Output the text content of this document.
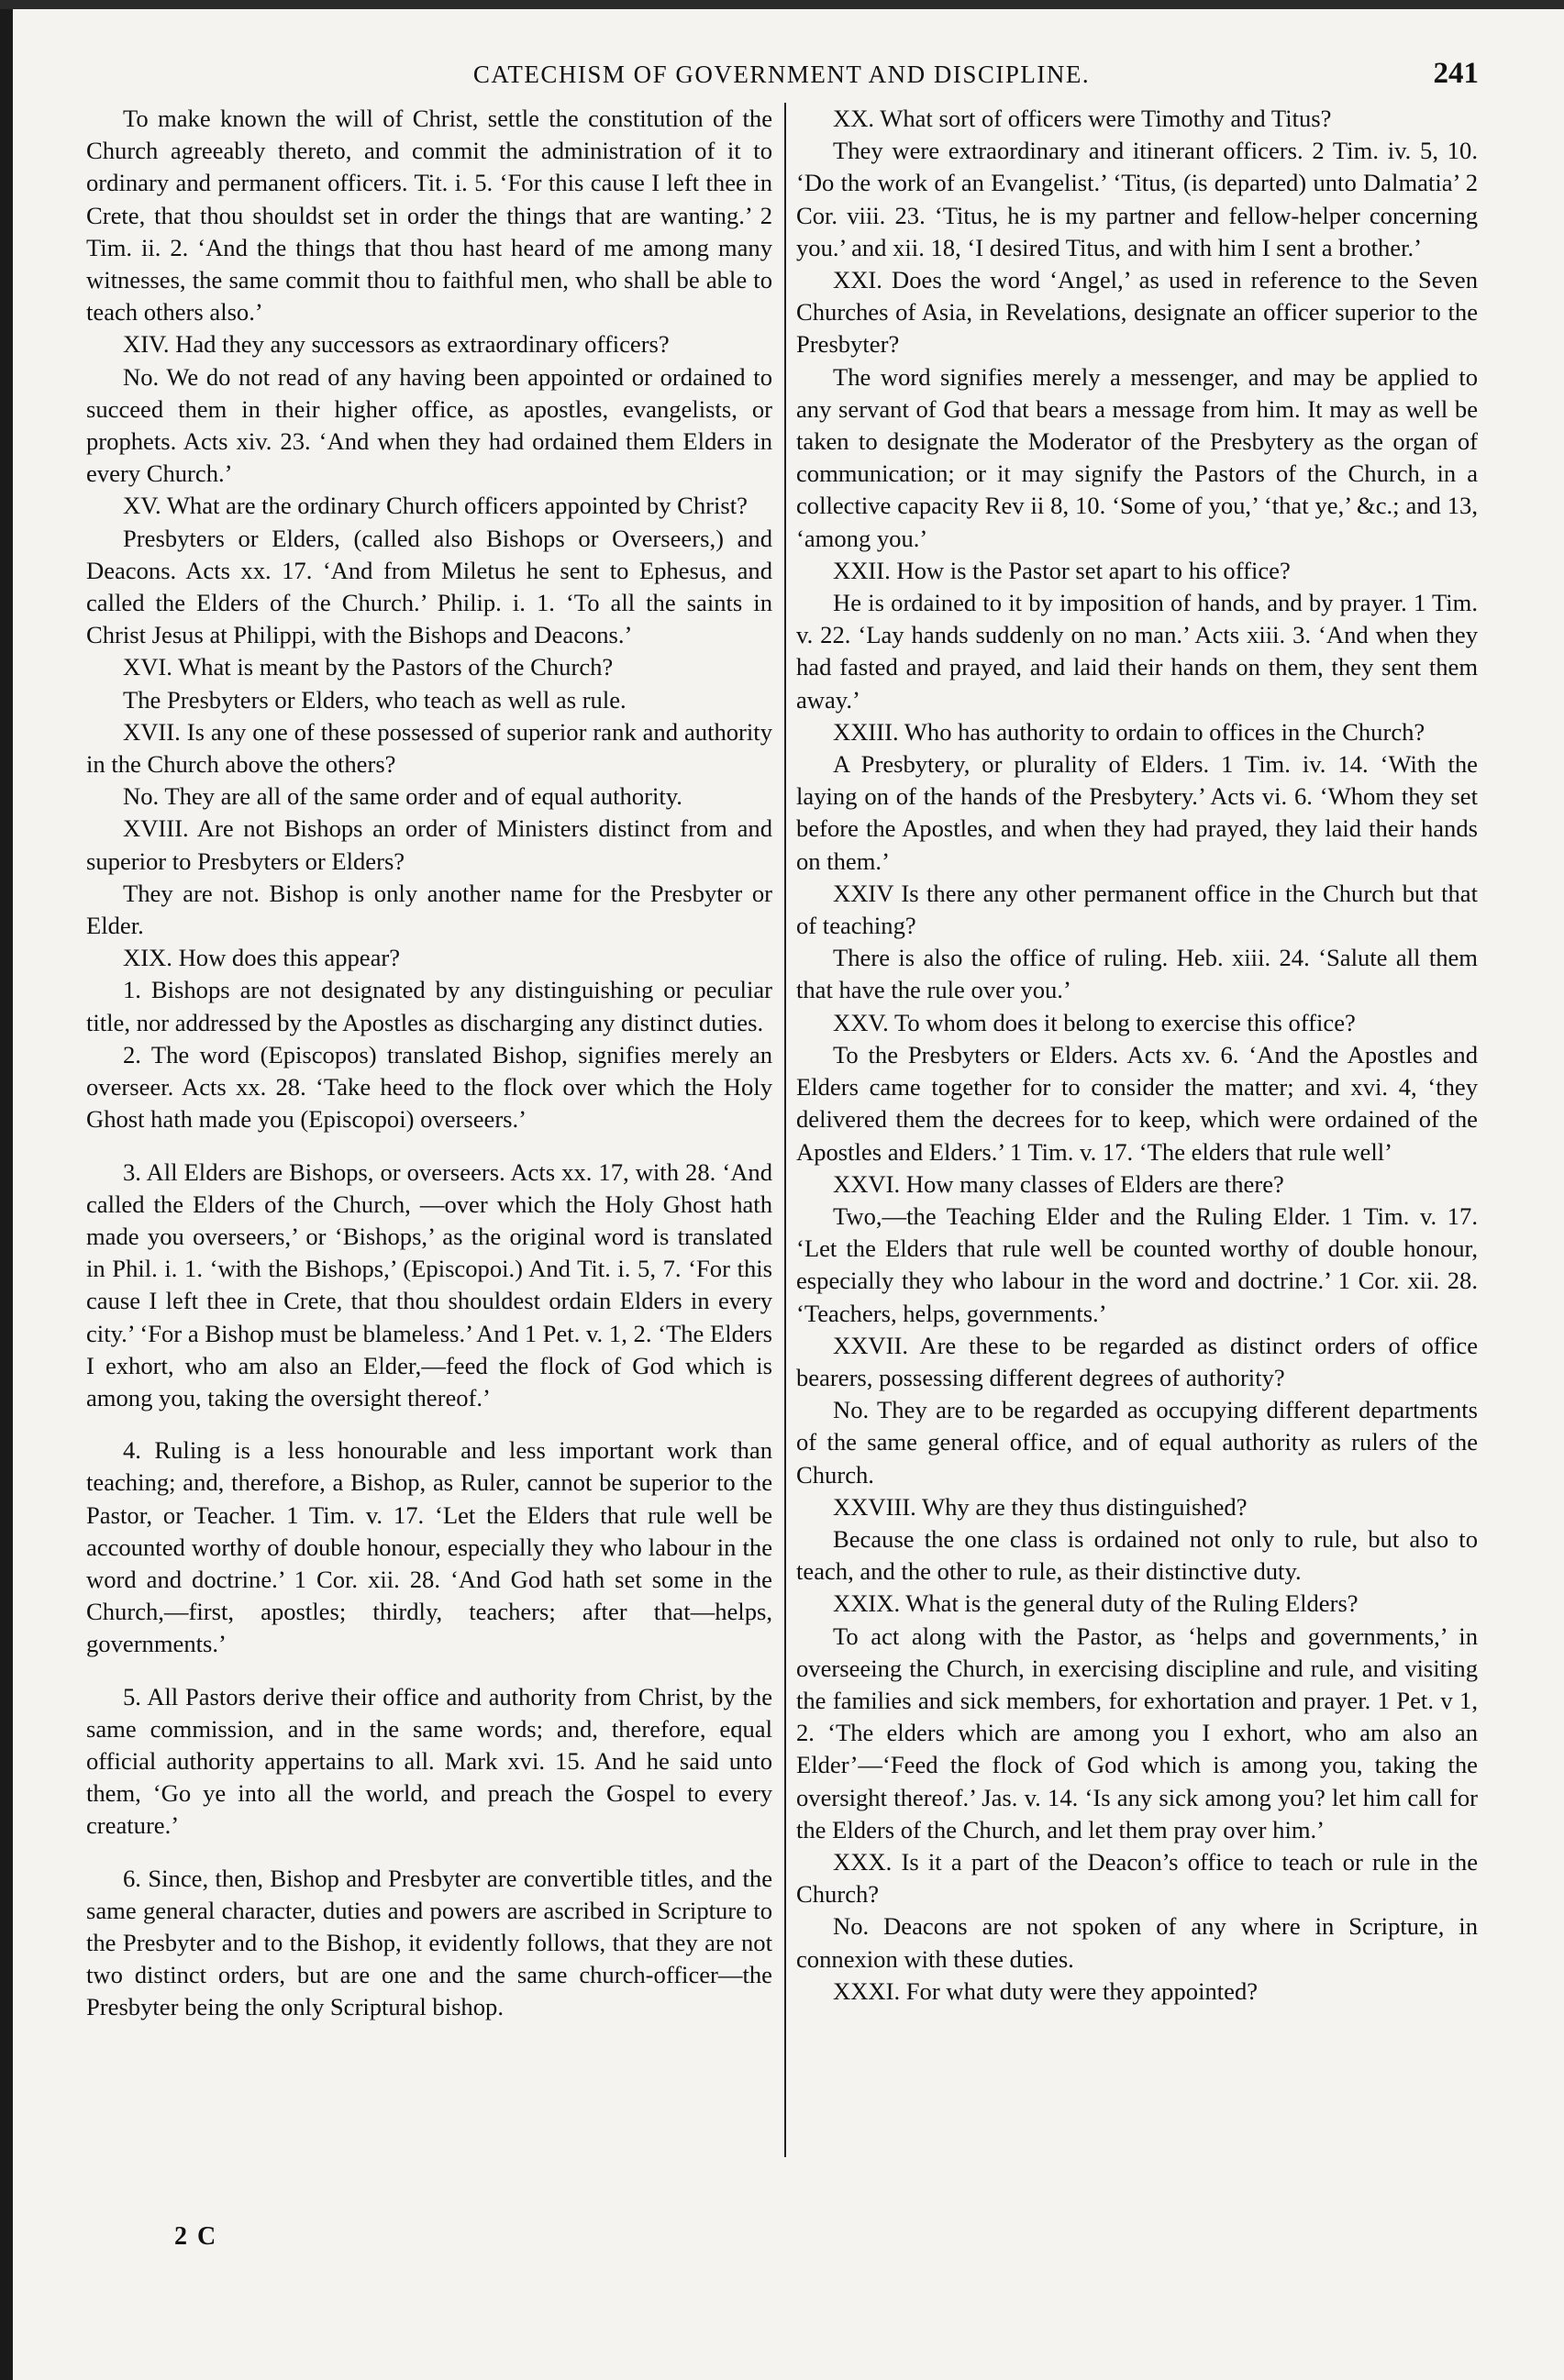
CATECHISM OF GOVERNMENT AND DISCIPLINE.	241

To make known the will of Christ, settle the constitution of the Church agreeably thereto, and commit the administration of it to ordinary and permanent officers. Tit. i. 5. ‘For this cause I left thee in Crete, that thou shouldst set in order the things that are wanting.’ 2 Tim. ii. 2. ‘And the things that thou hast heard of me among many witnesses, the same commit thou to faithful men, who shall be able to teach others also.’

XIV. Had they any successors as extraordinary officers?

No. We do not read of any having been appointed or ordained to succeed them in their higher office, as apostles, evangelists, or prophets. Acts xiv. 23. ‘And when they had ordained them Elders in every Church.’

XV. What are the ordinary Church officers appointed by Christ?

Presbyters or Elders, (called also Bishops or Overseers,) and Deacons. Acts xx. 17. ‘And from Miletus he sent to Ephesus, and called the Elders of the Church.’ Philip. i. 1. ‘To all the saints in Christ Jesus at Philippi, with the Bishops and Deacons.’

XVI. What is meant by the Pastors of the Church?

The Presbyters or Elders, who teach as well as rule.

XVII. Is any one of these possessed of superior rank and authority in the Church above the others?

No. They are all of the same order and of equal authority.

XVIII. Are not Bishops an order of Ministers distinct from and superior to Presbyters or Elders?

They are not. Bishop is only another name for the Presbyter or Elder.

XIX. How does this appear?

1. Bishops are not designated by any distinguishing or peculiar title, nor addressed by the Apostles as discharging any distinct duties.

2. The word (Episcopos) translated Bishop, signifies merely an overseer. Acts xx. 28. ‘Take heed to the flock over which the Holy Ghost hath made you (Episcopoi) overseers.’

3. All Elders are Bishops, or overseers. Acts xx. 17, with 28. ‘And called the Elders of the Church, —over which the Holy Ghost hath made you overseers,’ or ‘Bishops,’ as the original word is translated in Phil. i. 1. ‘with the Bishops,’ (Episcopoi.) And Tit. i. 5, 7. ‘For this cause I left thee in Crete, that thou shouldest ordain Elders in every city.’ ‘For a Bishop must be blameless.’ And 1 Pet. v. 1, 2. ‘The Elders I exhort, who am also an Elder,—feed the flock of God which is among you, taking the oversight thereof.’

4. Ruling is a less honourable and less important work than teaching; and, therefore, a Bishop, as Ruler, cannot be superior to the Pastor, or Teacher. 1 Tim. v. 17. ‘Let the Elders that rule well be accounted worthy of double honour, especially they who labour in the word and doctrine.’ 1 Cor. xii. 28. ‘And God hath set some in the Church,—first, apostles; thirdly, teachers; after that—helps, governments.’

5. All Pastors derive their office and authority from Christ, by the same commission, and in the same words; and, therefore, equal official authority appertains to all. Mark xvi. 15. And he said unto them, ‘Go ye into all the world, and preach the Gospel to every creature.’

6. Since, then, Bishop and Presbyter are convertible titles, and the same general character, duties and powers are ascribed in Scripture to the Presbyter and to the Bishop, it evidently follows, that they are not two distinct orders, but are one and the same church-officer—the Presbyter being the only Scriptural bishop.

XX. What sort of officers were Timothy and Titus?

They were extraordinary and itinerant officers. 2 Tim. iv. 5, 10. ‘Do the work of an Evangelist.’ ‘Titus, (is departed) unto Dalmatia’ 2 Cor. viii. 23. ‘Titus, he is my partner and fellow-helper concerning you.’ and xii. 18, ‘I desired Titus, and with him I sent a brother.’

XXI. Does the word ‘Angel,’ as used in reference to the Seven Churches of Asia, in Revelations, designate an officer superior to the Presbyter?

The word signifies merely a messenger, and may be applied to any servant of God that bears a message from him. It may as well be taken to designate the Moderator of the Presbytery as the organ of communication; or it may signify the Pastors of the Church, in a collective capacity Rev ii 8, 10. ‘Some of you,’ ‘that ye,’ &c.; and 13, ‘among you.’

XXII. How is the Pastor set apart to his office?

He is ordained to it by imposition of hands, and by prayer. 1 Tim. v. 22. ‘Lay hands suddenly on no man.’ Acts xiii. 3. ‘And when they had fasted and prayed, and laid their hands on them, they sent them away.’

XXIII. Who has authority to ordain to offices in the Church?

A Presbytery, or plurality of Elders. 1 Tim. iv. 14. ‘With the laying on of the hands of the Presbytery.’ Acts vi. 6. ‘Whom they set before the Apostles, and when they had prayed, they laid their hands on them.’

XXIV Is there any other permanent office in the Church but that of teaching?

There is also the office of ruling. Heb. xiii. 24. ‘Salute all them that have the rule over you.’

XXV. To whom does it belong to exercise this office?

To the Presbyters or Elders. Acts xv. 6. ‘And the Apostles and Elders came together for to consider the matter; and xvi. 4, ‘they delivered them the decrees for to keep, which were ordained of the Apostles and Elders.’ 1 Tim. v. 17. ‘The elders that rule well’

XXVI. How many classes of Elders are there?

Two,—the Teaching Elder and the Ruling Elder. 1 Tim. v. 17. ‘Let the Elders that rule well be counted worthy of double honour, especially they who labour in the word and doctrine.’ 1 Cor. xii. 28. ‘Teachers, helps, governments.’

XXVII. Are these to be regarded as distinct orders of office bearers, possessing different degrees of authority?

No. They are to be regarded as occupying different departments of the same general office, and of equal authority as rulers of the Church.

XXVIII. Why are they thus distinguished?

Because the one class is ordained not only to rule, but also to teach, and the other to rule, as their distinctive duty.

XXIX. What is the general duty of the Ruling Elders?

To act along with the Pastor, as ‘helps and governments,’ in overseeing the Church, in exercising discipline and rule, and visiting the families and sick members, for exhortation and prayer. 1 Pet. v 1, 2. ‘The elders which are among you I exhort, who am also an Elder’—‘Feed the flock of God which is among you, taking the oversight thereof.’ Jas. v. 14. ‘Is any sick among you? let him call for the Elders of the Church, and let them pray over him.’

XXX. Is it a part of the Deacon’s office to teach or rule in the Church?

No. Deacons are not spoken of any where in Scripture, in connexion with these duties.

XXXI. For what duty were they appointed?

2 C
